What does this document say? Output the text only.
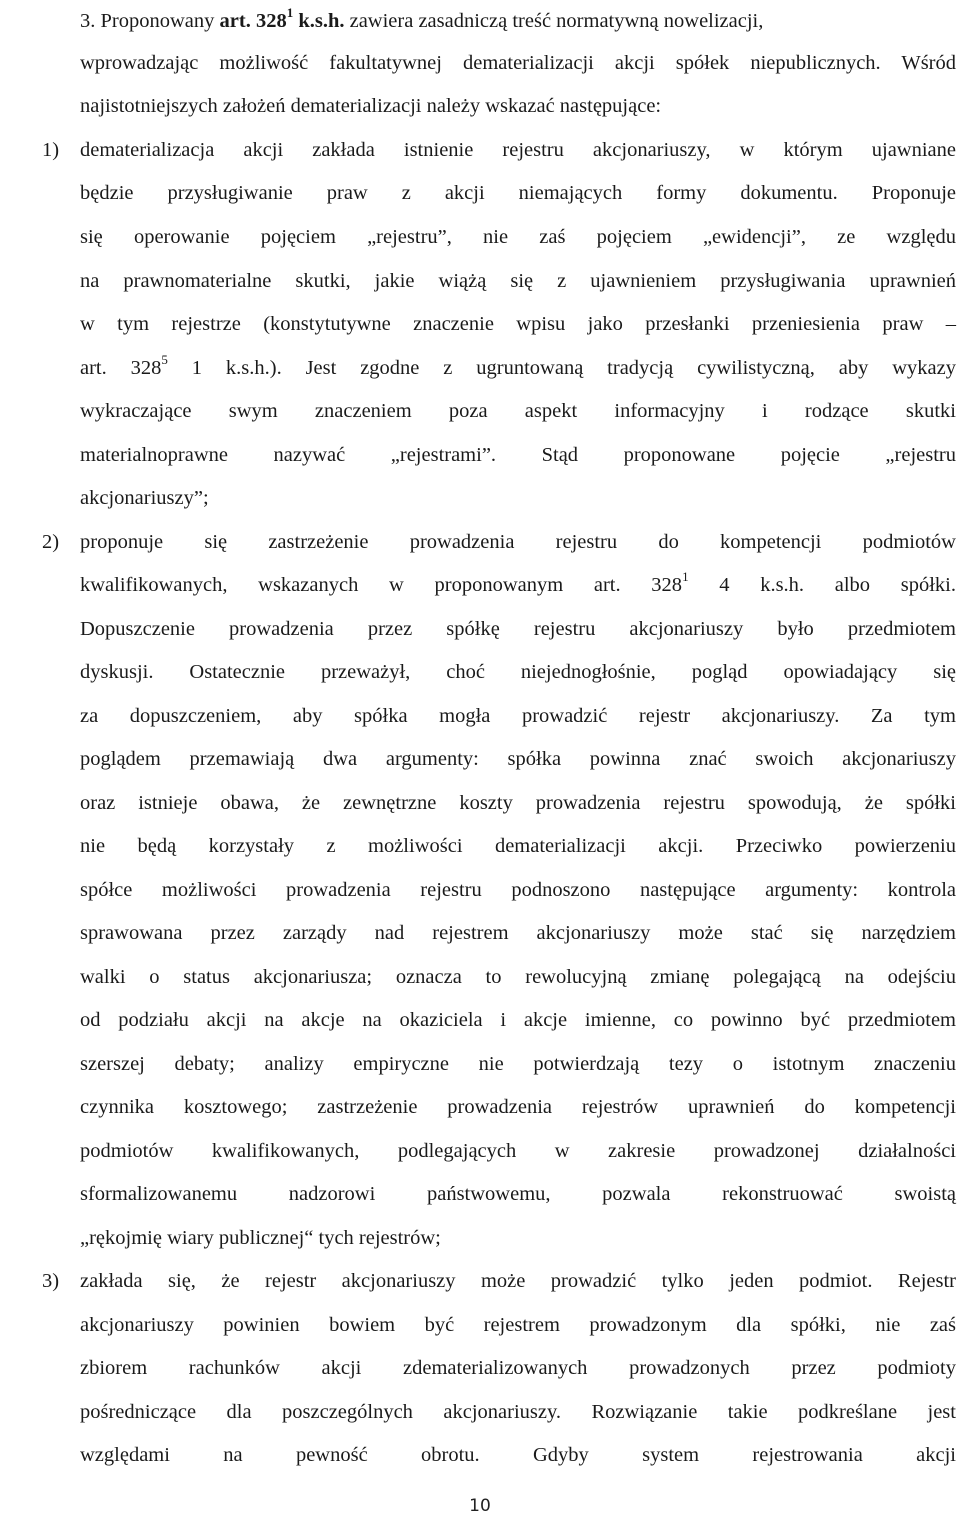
3. Proponowany art. $328^1$ k.s.h. zawiera zasadniczą treść normatywną nowelizacji,
wprowadzając możliwość fakultatywnej dematerializacji akcji spółek niepublicznych. Wśród
najistotniejszych założeń dematerializacji należy wskazać następujące:
1) dematerializacja akcji zakłada istnienie rejestru akcjonariuszy, w którym ujawniane
będzie przysługiwanie praw z akcji niemających formy dokumentu. Proponuje
się operowanie pojęciem „rejestru”, nie zaś pojęciem „ewidencji”, ze względu
na prawnomaterialne skutki, jakie wiążą się z ujawnieniem przysługiwania uprawnień
w tym rejestrze (konstytutywne znaczenie wpisu jako przesłanki przeniesienia praw –
art. $328^5$ 1 k.s.h.). Jest zgodne z ugruntowaną tradycją cywilistyczną, aby wykazy
wykraczające swym znaczeniem poza aspekt informacyjny i rodzące skutki
materialnoprawne nazywać „rejestrami”. Stąd proponowane pojęcie „rejestru
akcjonariuszy”;
2) proponuje się zastrzeżenie prowadzenia rejestru do kompetencji podmiotów
kwalifikowanych, wskazanych w proponowanym art. $328^1$ 4 k.s.h. albo spółki.
Dopuszczenie prowadzenia przez spółkę rejestru akcjonariuszy było przedmiotem
dyskusji. Ostatecznie przeważył, choć niejednogłośnie, pogląd opowiadający się
za dopuszczeniem, aby spółka mogła prowadzić rejestr akcjonariuszy. Za tym
poglądem przemawiają dwa argumenty: spółka powinna znać swoich akcjonariuszy
oraz istnieje obawa, że zewnętrzne koszty prowadzenia rejestru spowodują, że spółki
nie będą korzystały z możliwości dematerializacji akcji. Przeciwko powierzeniu
spółce możliwości prowadzenia rejestru podnoszono następujące argumenty: kontrola
sprawowana przez zarządy nad rejestrem akcjonariuszy może stać się narzędziem
walki o status akcjonariusza; oznacza to rewolucyjną zmianę polegającą na odejściu
od podziału akcji na akcje na okaziciela i akcje imienne, co powinno być przedmiotem
szerszej debaty; analizy empiryczne nie potwierdzają tezy o istotnym znaczeniu
czynnika kosztowego; zastrzeżenie prowadzenia rejestrów uprawnień do kompetencji
podmiotów kwalifikowanych, podlegających w zakresie prowadzonej działalności
sformalizowanemu nadzorowi państwowemu, pozwala rekonstruować swoistą
„rękojmię wiary publicznej“ tych rejestrów;
3) zakłada się, że rejestr akcjonariuszy może prowadzić tylko jeden podmiot. Rejestr
akcjonariuszy powinien bowiem być rejestrem prowadzonym dla spółki, nie zaś
zbiorem rachunków akcji zdematerializowanych prowadzonych przez podmioty
pośredniczące dla poszczególnych akcjonariuszy. Rozwiązanie takie podkreślane jest
względami na pewność obrotu. Gdyby system rejestrowania akcji
10
